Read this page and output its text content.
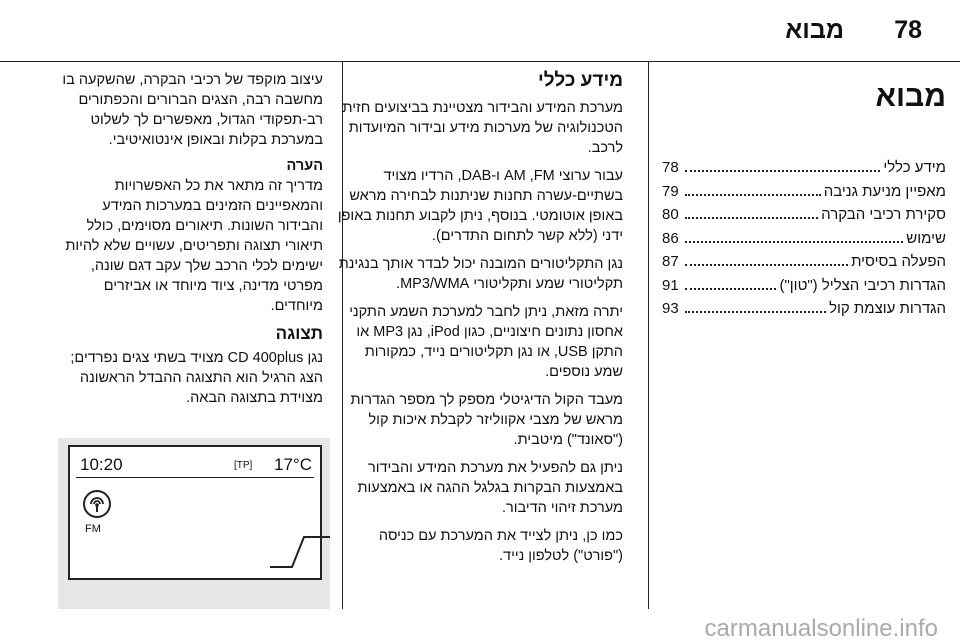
78
מבוא
מבוא
מידע כללי
78
מאפיין מניעת גניבה
79
סקירת רכיבי הבקרה
80
שימוש
86
הפעלה בסיסית
87
הגדרות רכיבי הצליל ("טון")
91
הגדרות עוצמת קול
93
מידע כללי

מערכת המידע והבידור מצטיינת בביצועים חזית הטכנולוגיה של מערכות מידע ובידור המיועדות לרכב.

עבור ערוצי AM ,FM ו-DAB, הרדיו מצויד בשתיים-עשרה תחנות שניתנות לבחירה מראש באופן אוטומטי. בנוסף, ניתן לקבוע תחנות באופן ידני (ללא קשר לתחום התדרים).

נגן התקליטורים המובנה יכול לבדר אותך בנגינת תקליטורי שמע ותקליטורי MP3/WMA.

יתרה מזאת, ניתן לחבר למערכת השמע התקני אחסון נתונים חיצוניים, כגון iPod, נגן MP3 או התקן USB, או נגן תקליטורים נייד, כמקורות שמע נוספים.

מעבד הקול הדיגיטלי מספק לך מספר הגדרות מראש של מצבי אקווליזר לקבלת איכות קול ("סאונד") מיטבית.

ניתן גם להפעיל את מערכת המידע והבידור באמצעות הבקרות בגלגל ההגה או באמצעות מערכת זיהוי הדיבור.

כמו כן, ניתן לצייד את המערכת עם כניסה ("פורט") לטלפון נייד.

עיצוב מוקפד של רכיבי הבקרה, שהשקעה בו מחשבה רבה, הצגים הברורים והכפתורים רב-תפקודי הגדול, מאפשרים לך לשלוט במערכת בקלות ובאופן אינטואיטיבי.

הערה

מדריך זה מתאר את כל האפשרויות והמאפיינים הזמינים במערכות המידע והבידור השונות. תיאורים מסוימים, כולל תיאורי תצוגה ותפריטים, עשויים שלא להיות ישימים לכלי הרכב שלך עקב דגם שונה, מפרטי מדינה, ציוד מיוחד או אביזרים מיוחדים.

תצוגה

נגן CD 400plus מצויד בשתי צגים נפרדים; הצג הרגיל הוא התצוגה ההבדל הראשונה מצוידת בתצוגה הבאה.

10:20	[TP] 17°C
FM
carmanualsonline.info
